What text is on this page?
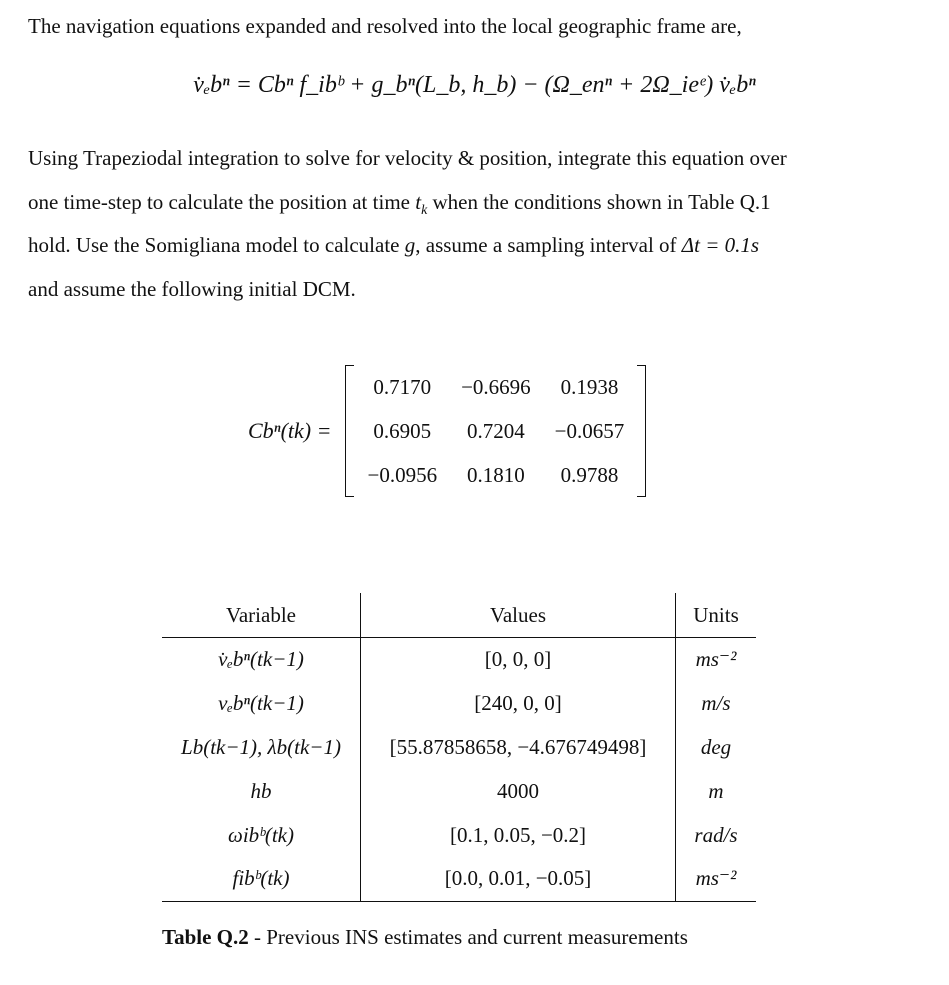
The navigation equations expanded and resolved into the local geographic frame are,
v̇ₑbⁿ = Cbⁿ f_ibᵇ + g_bⁿ(L_b, h_b) − (Ω_enⁿ + 2Ω_ieᵉ) v̇ₑbⁿ
Using Trapeziodal integration to solve for velocity & position, integrate this equation over
one time-step to calculate the position at time $t_k$ when the conditions shown in Table Q.1
hold. Use the Somigliana model to calculate g, assume a sampling interval of Δt = 0.1s
and assume the following initial DCM.
Cbⁿ(tk) =
0.7170	−0.6696	0.1938
0.6905	0.7204	−0.0657
−0.0956	0.1810	0.9788
Variable	Values	Units
v̇ₑbⁿ(tk−1)	[0, 0, 0]	ms⁻²
vₑbⁿ(tk−1)	[240, 0, 0]	m/s
Lb(tk−1), λb(tk−1)	[55.87858658, −4.676749498]	deg
hb	4000	m
ωibᵇ(tk)	[0.1, 0.05, −0.2]	rad/s
fibᵇ(tk)	[0.0, 0.01, −0.05]	ms⁻²
Table Q.2 - Previous INS estimates and current measurements
